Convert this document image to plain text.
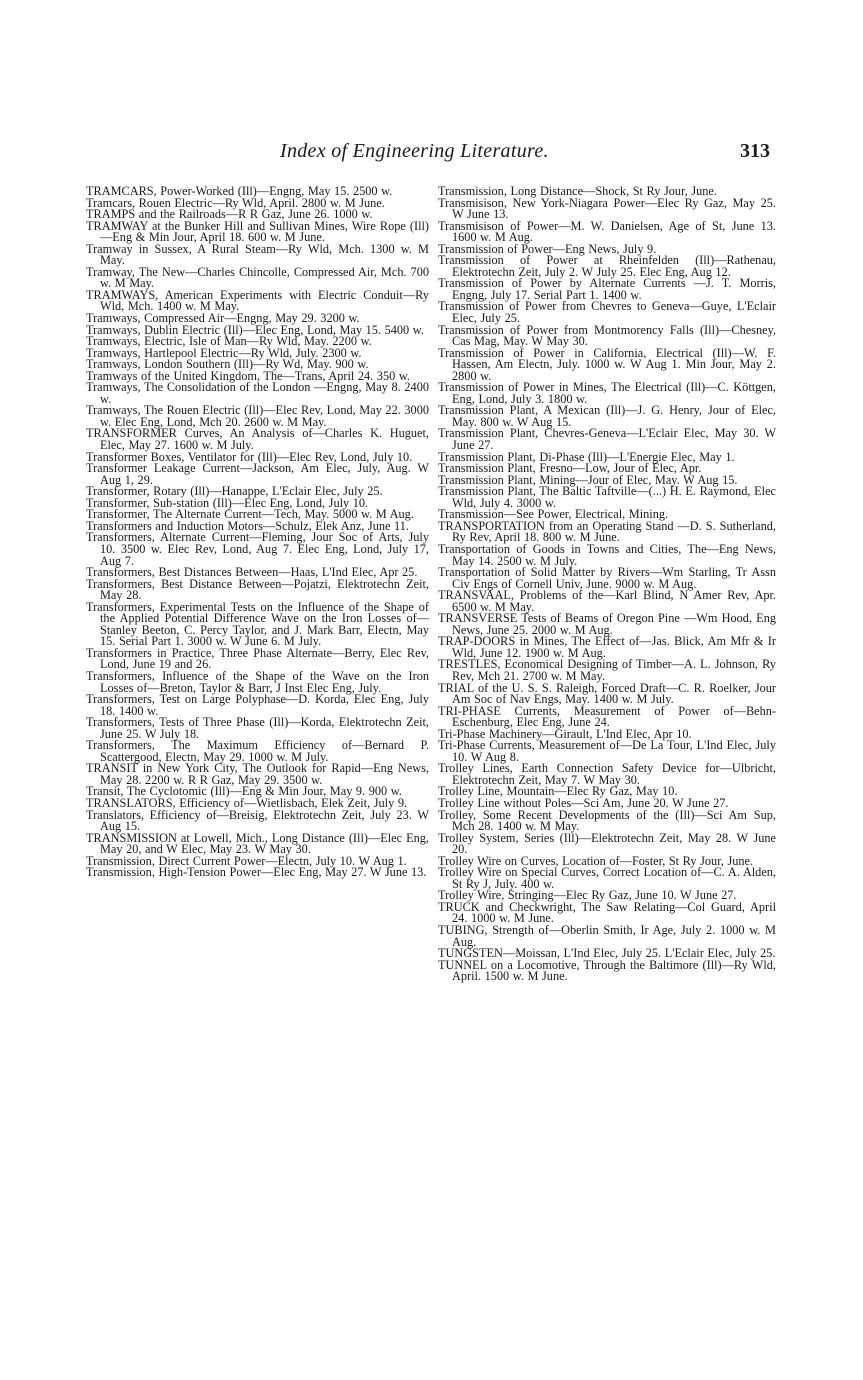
Index of Engineering Literature.	313
TRAMCARS, Power-Worked (Ill)—Engng, May 15. 2500 w.
Tramcars, Rouen Electric—Ry Wld, April. 2800 w. M June.
TRAMPS and the Railroads—R R Gaz, June 26. 1000 w.
TRAMWAY at the Bunker Hill and Sullivan Mines, Wire Rope (Ill)—Eng & Min Jour, April 18. 600 w. M June.
Tramway in Sussex, A Rural Steam—Ry Wld, Mch. 1300 w. M May.
Tramway, The New—Charles Chincolle, Compressed Air, Mch. 700 w. M May.
TRAMWAYS, American Experiments with Electric Conduit—Ry Wld, Mch. 1400 w. M May.
Tramways, Compressed Air—Engng, May 29. 3200 w.
Tramways, Dublin Electric (Ill)—Elec Eng, Lond, May 15. 5400 w.
Tramways, Electric, Isle of Man—Ry Wld, May. 2200 w.
Tramways, Hartlepool Electric—Ry Wld, July. 2300 w.
Tramways, London Southern (Ill)—Ry Wd, May. 900 w.
Tramways of the United Kingdom, The—Trans, April 24. 350 w.
Tramways, The Consolidation of the London —Engng, May 8. 2400 w.
Tramways, The Rouen Electric (Ill)—Elec Rev, Lond, May 22. 3000 w. Elec Eng, Lond, Mch 20. 2600 w. M May.
TRANSFORMER Curves, An Analysis of—Charles K. Huguet, Elec, May 27. 1600 w. M July.
Transformer Boxes, Ventilator for (Ill)—Elec Rev, Lond, July 10.
Transformer Leakage Current—Jackson, Am Elec, July, Aug. W Aug 1, 29.
Transformer, Rotary (Ill)—Hanappe, L'Eclair Elec, July 25.
Transformer, Sub-station (Ill)—Elec Eng, Lond, July 10.
Transformer, The Alternate Current—Tech, May. 5000 w. M Aug.
Transformers and Induction Motors—Schulz, Elek Anz, June 11.
Transformers, Alternate Current—Fleming, Jour Soc of Arts, July 10. 3500 w. Elec Rev, Lond, Aug 7. Elec Eng, Lond, July 17, Aug 7.
Transformers, Best Distances Between—Haas, L'Ind Elec, Apr 25.
Transformers, Best Distance Between—Pojatzi, Elektrotechn Zeit, May 28.
Transformers, Experimental Tests on the Influence of the Shape of the Applied Potential Difference Wave on the Iron Losses of—Stanley Beeton, C. Percy Taylor, and J. Mark Barr, Electn, May 15. Serial Part 1. 3000 w. W June 6. M July.
Transformers in Practice, Three Phase Alternate—Berry, Elec Rev, Lond, June 19 and 26.
Transformers, Influence of the Shape of the Wave on the Iron Losses of—Breton, Taylor & Barr, J Inst Elec Eng, July.
Transformers, Test on Large Polyphase—D. Korda, Elec Eng, July 18. 1400 w.
Transformers, Tests of Three Phase (Ill)—Korda, Elektrotechn Zeit, June 25. W July 18.
Transformers, The Maximum Efficiency of—Bernard P. Scattergood, Electn, May 29. 1000 w. M July.
TRANSIT in New York City, The Outlook for Rapid—Eng News, May 28. 2200 w. R R Gaz, May 29. 3500 w.
Transit, The Cyclotomic (Ill)—Eng & Min Jour, May 9. 900 w.
TRANSLATORS, Efficiency of—Wietlisbach, Elek Zeit, July 9.
Translators, Efficiency of—Breisig, Elektrotechn Zeit, July 23. W Aug 15.
TRANSMISSION at Lowell, Mich., Long Distance (Ill)—Elec Eng, May 20, and W Elec, May 23. W May 30.
Transmission, Direct Current Power—Electn, July 10. W Aug 1.
Transmission, High-Tension Power—Elec Eng, May 27. W June 13.
Transmission, Long Distance—Shock, St Ry Jour, June.
Transmisison, New York-Niagara Power—Elec Ry Gaz, May 25. W June 13.
Transmisison of Power—M. W. Danielsen, Age of St, June 13. 1600 w. M Aug.
Transmission of Power—Eng News, July 9.
Transmission of Power at Rheinfelden (Ill)—Rathenau, Elektrotechn Zeit, July 2. W July 25. Elec Eng, Aug 12.
Transmission of Power by Alternate Currents —J. T. Morris, Engng, July 17. Serial Part 1. 1400 w.
Transmission of Power from Chevres to Geneva—Guye, L'Eclair Elec, July 25.
Transmission of Power from Montmorency Falls (Ill)—Chesney, Cas Mag, May. W May 30.
Transmission of Power in California, Electrical (Ill)—W. F. Hassen, Am Electn, July. 1000 w. W Aug 1. Min Jour, May 2. 2800 w.
Transmission of Power in Mines, The Electrical (Ill)—C. Köttgen, Eng, Lond, July 3. 1800 w.
Transmission Plant, A Mexican (Ill)—J. G. Henry, Jour of Elec, May. 800 w. W Aug 15.
Transmission Plant, Chevres-Geneva—L'Eclair Elec, May 30. W June 27.
Transmission Plant, Di-Phase (Ill)—L'Energie Elec, May 1.
Transmission Plant, Fresno—Low, Jour of Elec, Apr.
Transmission Plant, Mining—Jour of Elec, May. W Aug 15.
Transmission Plant, The Baltic Taftville—(...) H. E. Raymond, Elec Wld, July 4. 3000 w.
Transmission—See Power, Electrical, Mining.
TRANSPORTATION from an Operating Stand —D. S. Sutherland, Ry Rev, April 18. 800 w. M June.
Transportation of Goods in Towns and Cities, The—Eng News, May 14. 2500 w. M July.
Transportation of Solid Matter by Rivers—Wm Starling, Tr Assn Civ Engs of Cornell Univ, June. 9000 w. M Aug.
TRANSVAAL, Problems of the—Karl Blind, N Amer Rev, Apr. 6500 w. M May.
TRANSVERSE Tests of Beams of Oregon Pine —Wm Hood, Eng News, June 25. 2000 w. M Aug.
TRAP-DOORS in Mines, The Effect of—Jas. Blick, Am Mfr & Ir Wld, June 12. 1900 w. M Aug.
TRESTLES, Economical Designing of Timber—A. L. Johnson, Ry Rev, Mch 21. 2700 w. M May.
TRIAL of the U. S. S. Raleigh, Forced Draft—C. R. Roelker, Jour Am Soc of Nav Engs, May. 1400 w. M July.
TRI-PHASE Currents, Measurement of Power of—Behn-Eschenburg, Elec Eng, June 24.
Tri-Phase Machinery—Girault, L'Ind Elec, Apr 10.
Tri-Phase Currents, Measurement of—De La Tour, L'Ind Elec, July 10. W Aug 8.
Trolley Lines, Earth Connection Safety Device for—Ulbricht, Elektrotechn Zeit, May 7. W May 30.
Trolley Line, Mountain—Elec Ry Gaz, May 10.
Trolley Line without Poles—Sci Am, June 20. W June 27.
Trolley, Some Recent Developments of the (Ill)—Sci Am Sup, Mch 28. 1400 w. M May.
Trolley System, Series (Ill)—Elektrotechn Zeit, May 28. W June 20.
Trolley Wire on Curves, Location of—Foster, St Ry Jour, June.
Trolley Wire on Special Curves, Correct Location of—C. A. Alden, St Ry J, July. 400 w.
Trolley Wire, Stringing—Elec Ry Gaz, June 10. W June 27.
TRUCK and Checkwright, The Saw Relating—Col Guard, April 24. 1000 w. M June.
TUBING, Strength of—Oberlin Smith, Ir Age, July 2. 1000 w. M Aug.
TUNGSTEN—Moissan, L'Ind Elec, July 25. L'Eclair Elec, July 25.
TUNNEL on a Locomotive, Through the Baltimore (Ill)—Ry Wld, April. 1500 w. M June.
